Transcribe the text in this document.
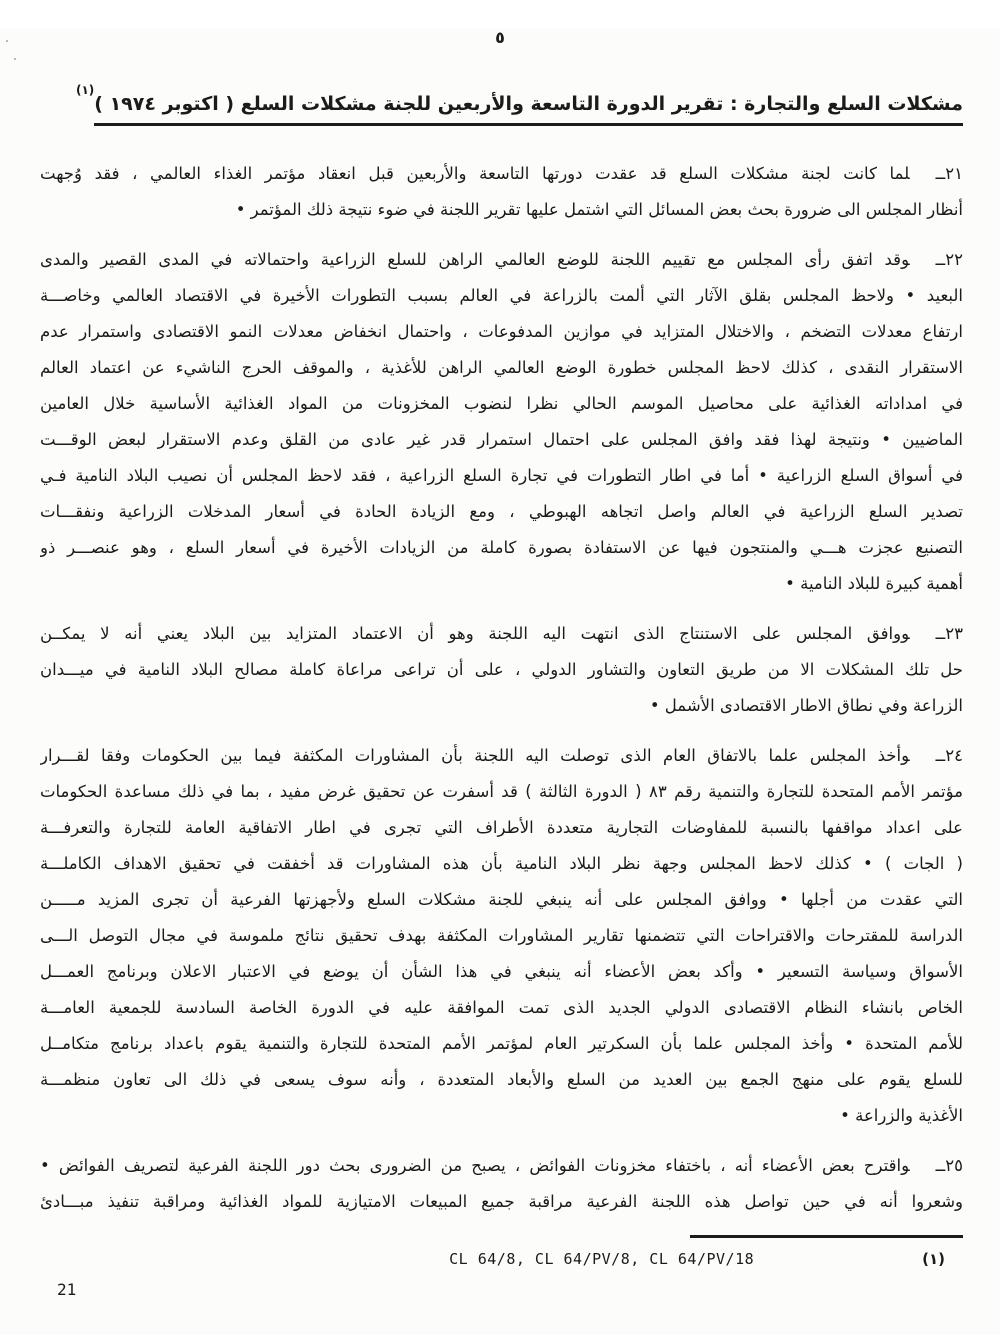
٥
مشكلات السلع والتجارة : تقرير الدورة التاسعة والأربعين للجنة مشكلات السلع ( اكتوبر ١٩٧٤ )$^{(١)}$
٢١ــلما كانت لجنة مشكلات السلع قد عقدت دورتها التاسعة والأربعين قبل انعقاد مؤتمر الغذاء العالمي ، فقد وُجهت
أنظار المجلس الى ضرورة بحث بعض المسائل التي اشتمل عليها تقرير اللجنة في ضوء نتيجة ذلك المؤتمر •
٢٢ــوقد اتفق رأى المجلس مع تقييم اللجنة للوضع العالمي الراهن للسلع الزراعية واحتمالاته في المدى القصير والمدى
البعيد • ولاحظ المجلس بقلق الآثار التي ألمت بالزراعة في العالم بسبب التطورات الأخيرة في الاقتصاد العالمي وخاصـــة
ارتفاع معدلات التضخم ، والاختلال المتزايد في موازين المدفوعات ، واحتمال انخفاض معدلات النمو الاقتصادى واستمرار عدم
الاستقرار النقدى ، كذلك لاحظ المجلس خطورة الوضع العالمي الراهن للأغذية ، والموقف الحرج الناشيء عن اعتماد العالم
في امداداته الغذائية على محاصيل الموسم الحالي نظرا لنضوب المخزونات من المواد الغذائية الأساسية خلال العامين
الماضيين • ونتيجة لهذا فقد وافق المجلس على احتمال استمرار قدر غير عادى من القلق وعدم الاستقرار لبعض الوقـــت
في أسواق السلع الزراعية • أما في اطار التطورات في تجارة السلع الزراعية ، فقد لاحظ المجلس أن نصيب البلاد النامية فـي
تصدير السلع الزراعية في العالم واصل اتجاهه الهبوطي ، ومع الزيادة الحادة في أسعار المدخلات الزراعية ونفقـــات
التصنيع عجزت هـــي والمنتجون فيها عن الاستفادة بصورة كاملة من الزيادات الأخيرة في أسعار السلع ، وهو عنصـــر ذو
أهمية كبيرة للبلاد النامية •
٢٣ــووافق المجلس على الاستنتاج الذى انتهت اليه اللجنة وهو أن الاعتماد المتزايد بين البلاد يعني أنه لا يمكــن
حل تلك المشكلات الا من طريق التعاون والتشاور الدولي ، على أن تراعى مراعاة كاملة مصالح البلاد النامية في ميـــدان
الزراعة وفي نطاق الاطار الاقتصادى الأشمل •
٢٤ــوأخذ المجلس علما بالاتفاق العام الذى توصلت اليه اللجنة بأن المشاورات المكثفة فيما بين الحكومات وفقا لقـــرار
مؤتمر الأمم المتحدة للتجارة والتنمية رقم ٨٣ ( الدورة الثالثة ) قد أسفرت عن تحقيق غرض مفيد ، بما في ذلك مساعدة الحكومات
على اعداد مواقفها بالنسبة للمفاوضات التجارية متعددة الأطراف التي تجرى في اطار الاتفاقية العامة للتجارة والتعرفـــة
( الجات ) • كذلك لاحظ المجلس وجهة نظر البلاد النامية بأن هذه المشاورات قد أخفقت في تحقيق الاهداف الكاملـــة
التي عقدت من أجلها • ووافق المجلس على أنه ينبغي للجنة مشكلات السلع ولأجهزتها الفرعية أن تجرى المزيد مـــــن
الدراسة للمقترحات والاقتراحات التي تتضمنها تقارير المشاورات المكثفة بهدف تحقيق نتائج ملموسة في مجال التوصل الـــى
الأسواق وسياسة التسعير • وأكد بعض الأعضاء أنه ينبغي في هذا الشأن أن يوضع في الاعتبار الاعلان وبرنامج العمـــل
الخاص بانشاء النظام الاقتصادى الدولي الجديد الذى تمت الموافقة عليه في الدورة الخاصة السادسة للجمعية العامـــة
للأمم المتحدة • وأخذ المجلس علما بأن السكرتير العام لمؤتمر الأمم المتحدة للتجارة والتنمية يقوم باعداد برنامج متكامــل
للسلع يقوم على منهج الجمع بين العديد من السلع والأبعاد المتعددة ، وأنه سوف يسعى في ذلك الى تعاون منظمـــة
الأغذية والزراعة •
٢٥ــواقترح بعض الأعضاء أنه ، باختفاء مخزونات الفوائض ، يصبح من الضرورى بحث دور اللجنة الفرعية لتصريف الفوائض •
وشعروا أنه في حين تواصل هذه اللجنة الفرعية مراقبة جميع المبيعات الامتيازية للمواد الغذائية ومراقبة تنفيذ مبـــادئ
(١)CL 64/8, CL 64/PV/8, CL 64/PV/18
21
